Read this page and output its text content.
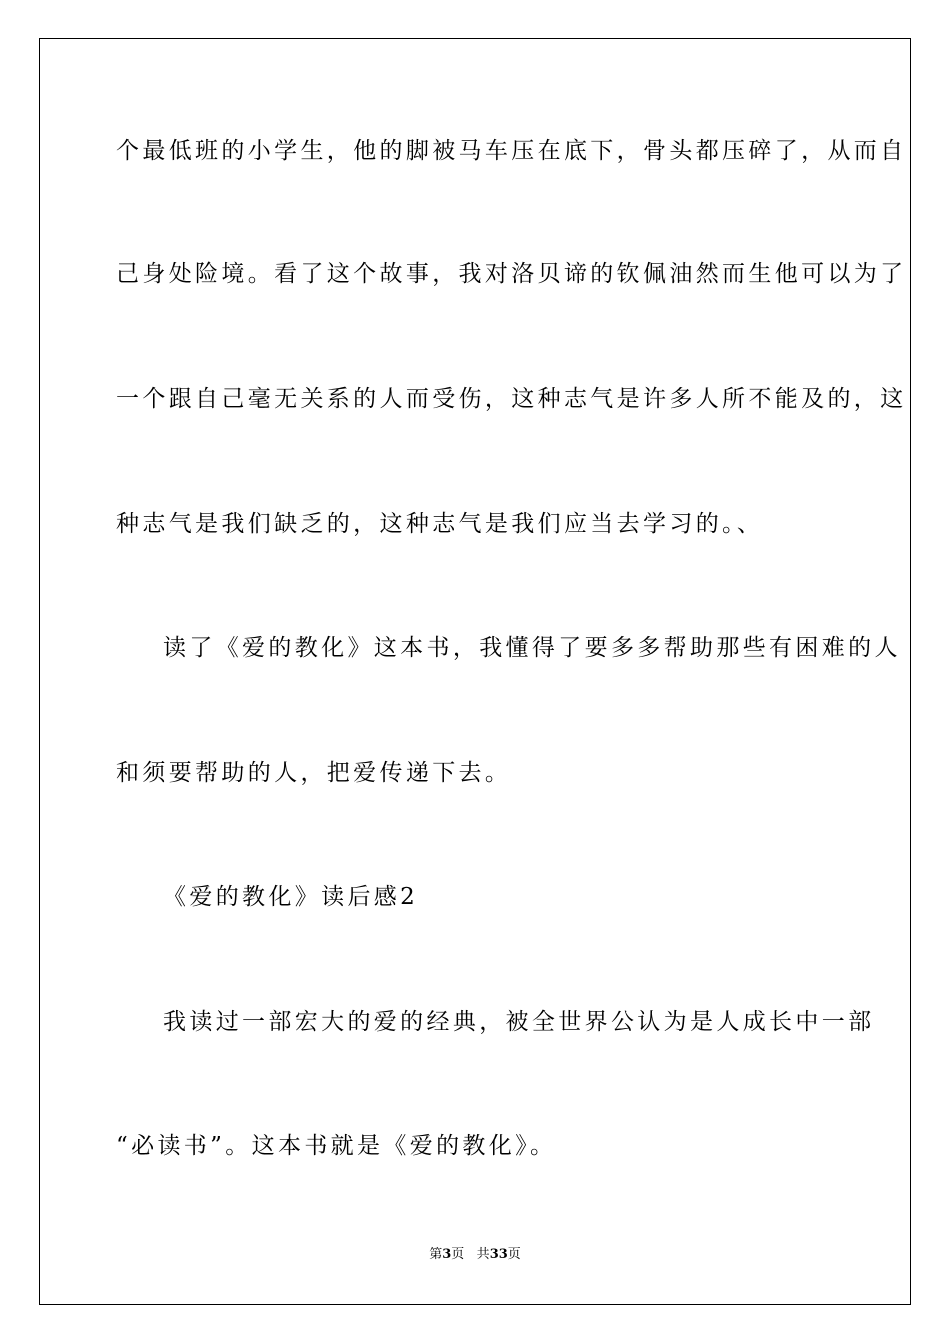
个最低班的小学生，他的脚被马车压在底下，骨头都压碎了，从而自
己身处险境。看了这个故事，我对洛贝谛的钦佩油然而生他可以为了
一个跟自己毫无关系的人而受伤，这种志气是许多人所不能及的，这
种志气是我们缺乏的，这种志气是我们应当去学习的。、
读了《爱的教化》这本书，我懂得了要多多帮助那些有困难的人
和须要帮助的人，把爱传递下去。
《爱的教化》读后感2
我读过一部宏大的爱的经典，被全世界公认为是人成长中一部
“必读书”。这本书就是《爱的教化》。
第3页 共33页
